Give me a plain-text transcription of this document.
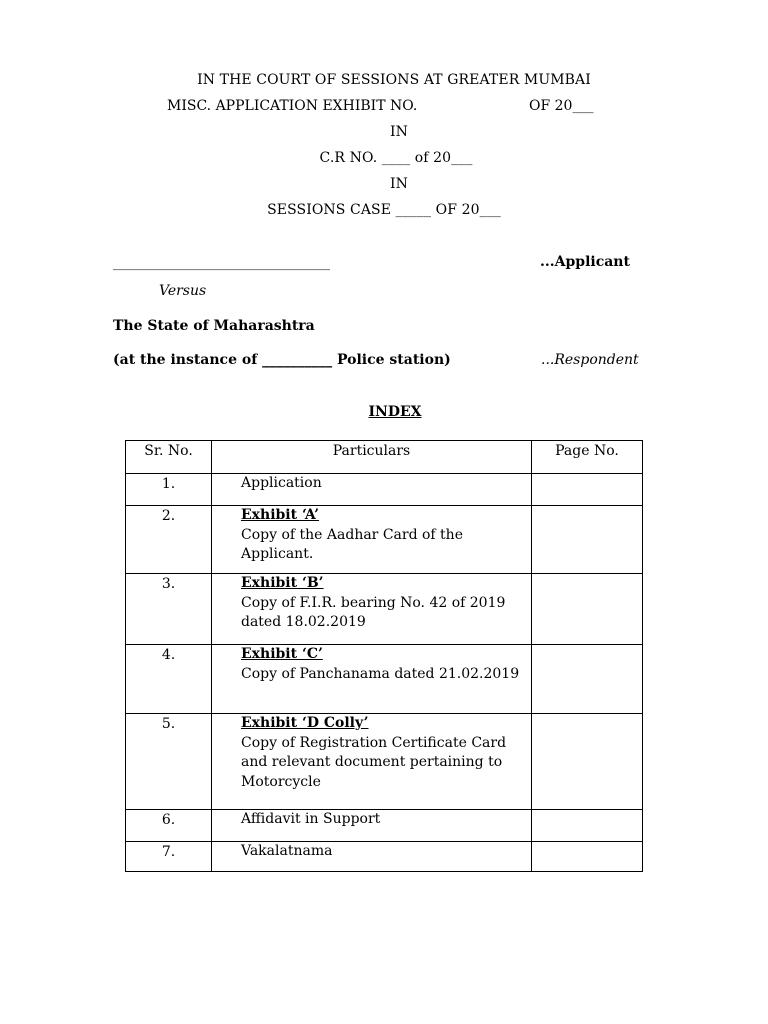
IN THE COURT OF SESSIONS AT GREATER MUMBAI
MISC. APPLICATION EXHIBIT NO.	OF 20___
IN
C.R NO. ____ of 20___
IN
SESSIONS CASE _____ OF 20___
_______________________________	...Applicant
Versus
The State of Maharashtra
(at the instance of __________ Police station)	...Respondent
INDEX
Sr. No.	Particulars	Page No.
1.	Application	

2.	Exhibit ‘A’
Copy of the Aadhar Card of the Applicant.	

3.	Exhibit ‘B’
Copy of F.I.R. bearing No. 42 of 2019 dated 18.02.2019	

4.	Exhibit ‘C’
Copy of Panchanama dated 21.02.2019	

5.	Exhibit ‘D Colly’
Copy of Registration Certificate Card and relevant document pertaining to Motorcycle	

6.	Affidavit in Support	

7.	Vakalatnama	
